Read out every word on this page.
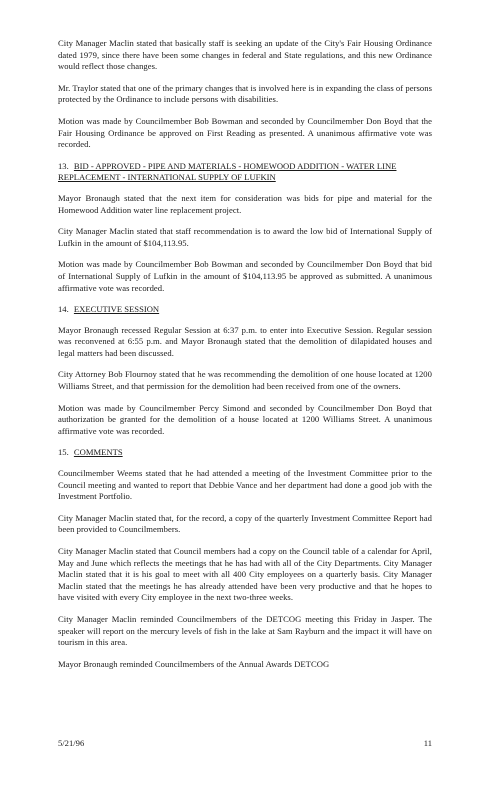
City Manager Maclin stated that basically staff is seeking an update of the City's Fair Housing Ordinance dated 1979, since there have been some changes in federal and State regulations, and this new Ordinance would reflect those changes.

Mr. Traylor stated that one of the primary changes that is involved here is in expanding the class of persons protected by the Ordinance to include persons with disabilities.

Motion was made by Councilmember Bob Bowman and seconded by Councilmember Don Boyd that the Fair Housing Ordinance be approved on First Reading as presented. A unanimous affirmative vote was recorded.

13. BID - APPROVED - PIPE AND MATERIALS - HOMEWOOD ADDITION - WATER LINE REPLACEMENT - INTERNATIONAL SUPPLY OF LUFKIN

Mayor Bronaugh stated that the next item for consideration was bids for pipe and material for the Homewood Addition water line replacement project.

City Manager Maclin stated that staff recommendation is to award the low bid of International Supply of Lufkin in the amount of $104,113.95.

Motion was made by Councilmember Bob Bowman and seconded by Councilmember Don Boyd that bid of International Supply of Lufkin in the amount of $104,113.95 be approved as submitted. A unanimous affirmative vote was recorded.

14. EXECUTIVE SESSION

Mayor Bronaugh recessed Regular Session at 6:37 p.m. to enter into Executive Session. Regular session was reconvened at 6:55 p.m. and Mayor Bronaugh stated that the demolition of dilapidated houses and legal matters had been discussed.

City Attorney Bob Flournoy stated that he was recommending the demolition of one house located at 1200 Williams Street, and that permission for the demolition had been received from one of the owners.

Motion was made by Councilmember Percy Simond and seconded by Councilmember Don Boyd that authorization be granted for the demolition of a house located at 1200 Williams Street. A unanimous affirmative vote was recorded.

15. COMMENTS

Councilmember Weems stated that he had attended a meeting of the Investment Committee prior to the Council meeting and wanted to report that Debbie Vance and her department had done a good job with the Investment Portfolio.

City Manager Maclin stated that, for the record, a copy of the quarterly Investment Committee Report had been provided to Councilmembers.

City Manager Maclin stated that Council members had a copy on the Council table of a calendar for April, May and June which reflects the meetings that he has had with all of the City Departments. City Manager Maclin stated that it is his goal to meet with all 400 City employees on a quarterly basis. City Manager Maclin stated that the meetings he has already attended have been very productive and that he hopes to have visited with every City employee in the next two-three weeks.

City Manager Maclin reminded Councilmembers of the DETCOG meeting this Friday in Jasper. The speaker will report on the mercury levels of fish in the lake at Sam Rayburn and the impact it will have on tourism in this area.

Mayor Bronaugh reminded Councilmembers of the Annual Awards DETCOG

5/21/96	11
